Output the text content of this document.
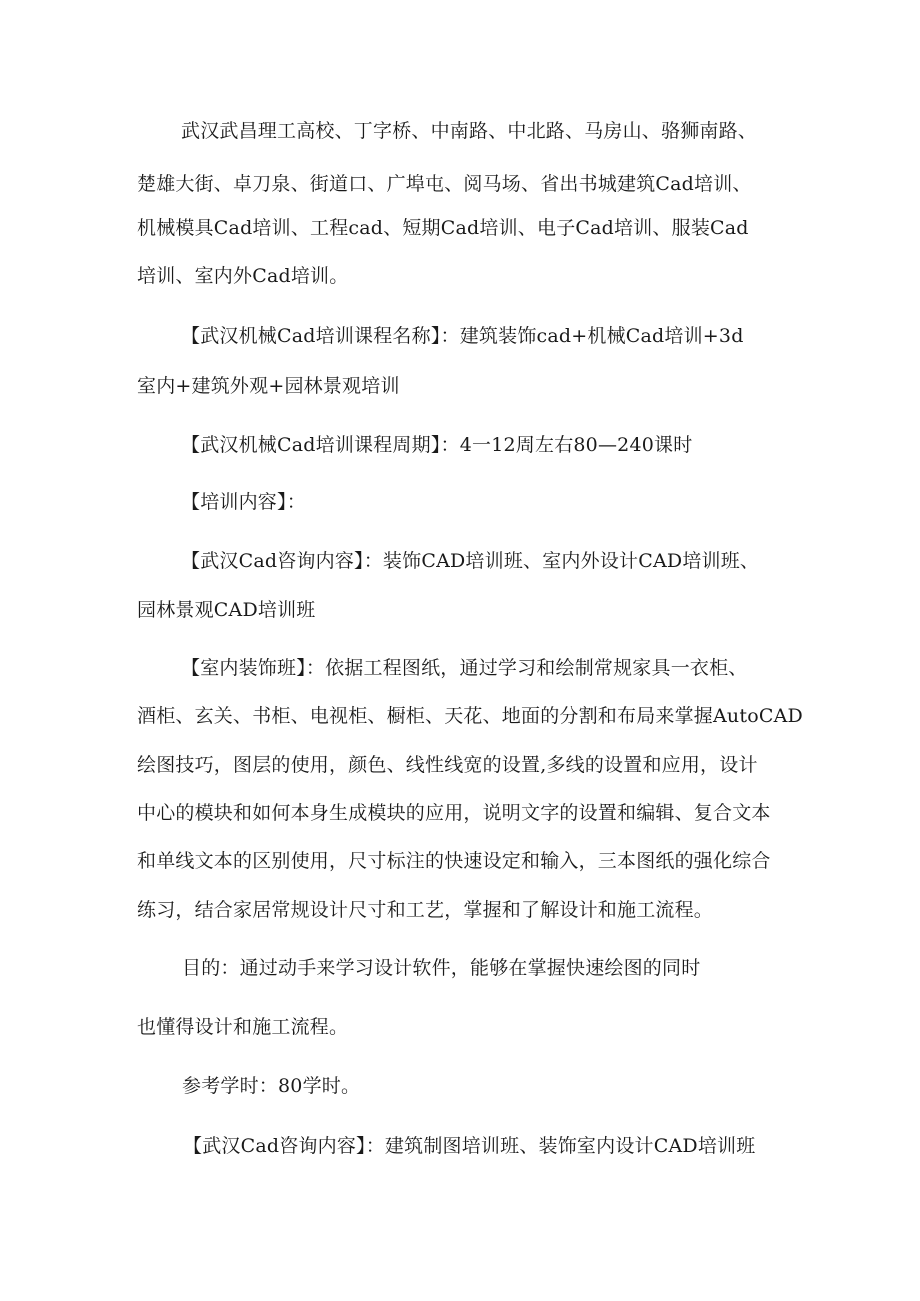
武汉武昌理工高校、丁字桥、中南路、中北路、马房山、骆狮南路、
楚雄大街、卓刀泉、街道口、广埠屯、阅马场、省出书城建筑Cad培训、
机械模具Cad培训、工程cad、短期Cad培训、电子Cad培训、服装Cad
培训、室内外Cad培训。
【武汉机械Cad培训课程名称】：建筑装饰cad+机械Cad培训+3d
室内+建筑外观+园林景观培训
【武汉机械Cad培训课程周期】：4一12周左右80—240课时
【培训内容】：
【武汉Cad咨询内容】：装饰CAD培训班、室内外设计CAD培训班、
园林景观CAD培训班
【室内装饰班】：依据工程图纸，通过学习和绘制常规家具一衣柜、
酒柜、玄关、书柜、电视柜、橱柜、天花、地面的分割和布局来掌握AutoCAD
绘图技巧，图层的使用，颜色、线性线宽的设置,多线的设置和应用，设计
中心的模块和如何本身生成模块的应用，说明文字的设置和编辑、复合文本
和单线文本的区别使用，尺寸标注的快速设定和输入，三本图纸的强化综合
练习，结合家居常规设计尺寸和工艺，掌握和了解设计和施工流程。
目的：通过动手来学习设计软件，能够在掌握快速绘图的同时
也懂得设计和施工流程。
参考学时：80学时。
【武汉Cad咨询内容】：建筑制图培训班、装饰室内设计CAD培训班
